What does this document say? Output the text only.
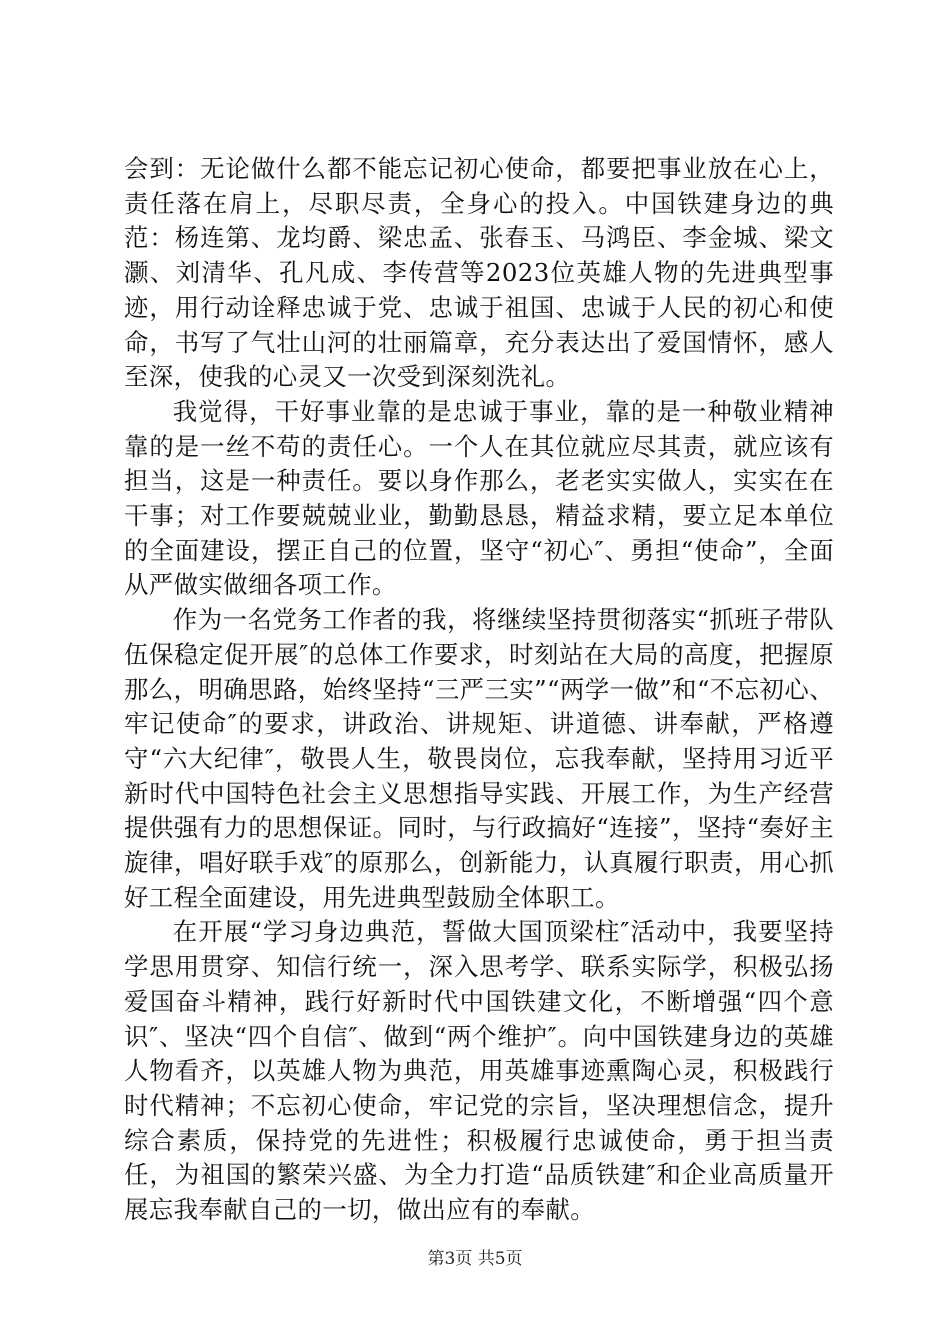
会到：无论做什么都不能忘记初心使命，都要把事业放在心上，责任落在肩上，尽职尽责，全身心的投入。中国铁建身边的典范：杨连第、龙均爵、梁忠孟、张春玉、马鸿臣、李金城、梁文灏、刘清华、孔凡成、李传营等2023位英雄人物的先进典型事迹，用行动诠释忠诚于党、忠诚于祖国、忠诚于人民的初心和使命，书写了气壮山河的壮丽篇章，充分表达出了爱国情怀，感人至深，使我的心灵又一次受到深刻洗礼。

我觉得，干好事业靠的是忠诚于事业，靠的是一种敬业精神靠的是一丝不苟的责任心。一个人在其位就应尽其责，就应该有担当，这是一种责任。要以身作那么，老老实实做人，实实在在干事；对工作要兢兢业业，勤勤恳恳，精益求精，要立足本单位的全面建设，摆正自己的位置，坚守“初心″、勇担“使命”，全面从严做实做细各项工作。

作为一名党务工作者的我，将继续坚持贯彻落实“抓班子带队伍保稳定促开展″的总体工作要求，时刻站在大局的高度，把握原那么，明确思路，始终坚持“三严三实”“两学一做”和“不忘初心、牢记使命″的要求，讲政治、讲规矩、讲道德、讲奉献，严格遵守“六大纪律″，敬畏人生，敬畏岗位，忘我奉献，坚持用习近平新时代中国特色社会主义思想指导实践、开展工作，为生产经营提供强有力的思想保证。同时，与行政搞好“连接”，坚持“奏好主旋律，唱好联手戏″的原那么，创新能力，认真履行职责，用心抓好工程全面建设，用先进典型鼓励全体职工。

在开展“学习身边典范，誓做大国顶梁柱″活动中，我要坚持学思用贯穿、知信行统一，深入思考学、联系实际学，积极弘扬爱国奋斗精神，践行好新时代中国铁建文化，不断增强“四个意识″、坚决“四个自信″、做到“两个维护″。向中国铁建身边的英雄人物看齐，以英雄人物为典范，用英雄事迹熏陶心灵，积极践行时代精神；不忘初心使命，牢记党的宗旨，坚决理想信念，提升综合素质，保持党的先进性；积极履行忠诚使命，勇于担当责任，为祖国的繁荣兴盛、为全力打造“品质铁建″和企业高质量开展忘我奉献自己的一切，做出应有的奉献。

第3页 共5页
